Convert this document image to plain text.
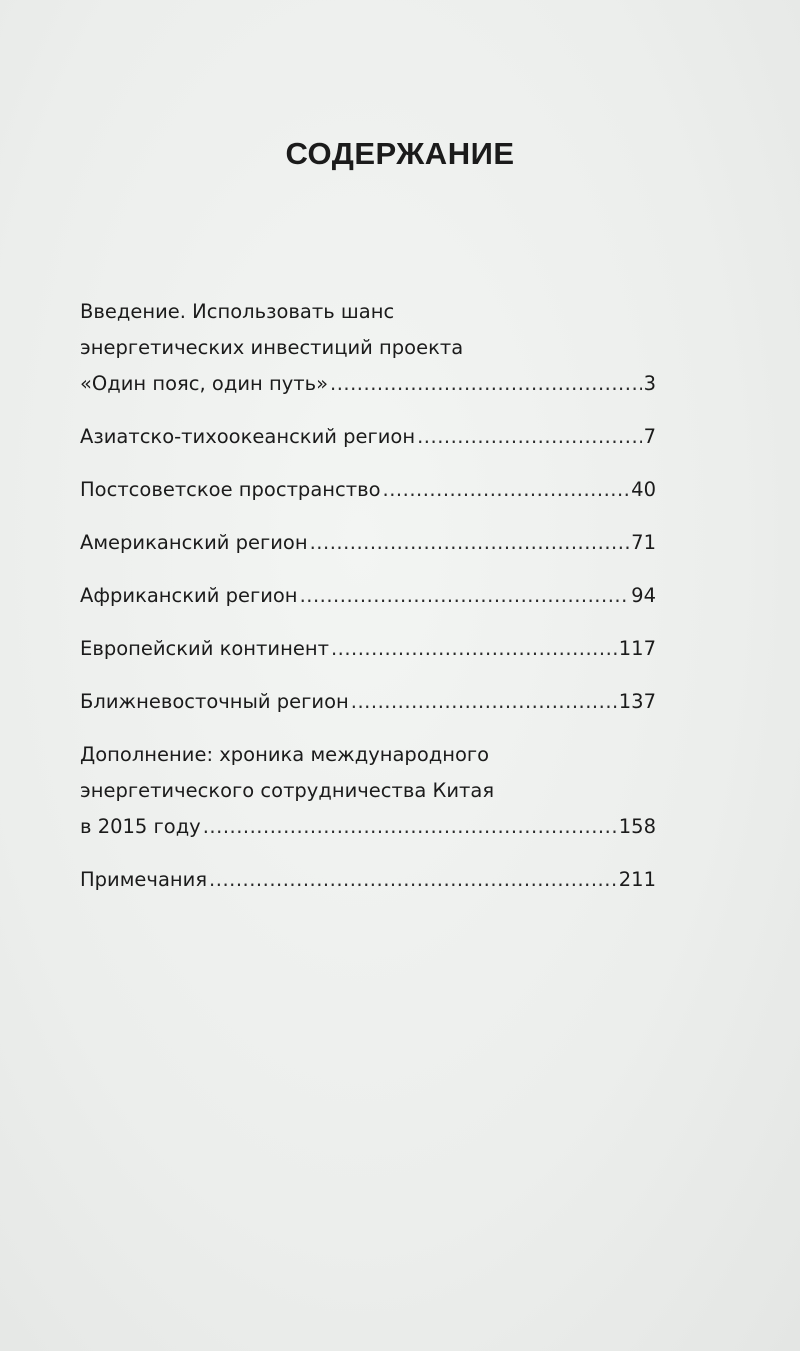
СОДЕРЖАНИЕ
Введение. Использовать шанс
энергетических инвестиций проекта
«Один пояс, один путь» .....	3
Азиатско-тихоокеанский регион .....	7
Постсоветское пространство .....	40
Американский регион .....	71
Африканский регион .....	94
Европейский континент .....	117
Ближневосточный регион .....	137
Дополнение: хроника международного
энергетического сотрудничества Китая
в 2015 году .....	158
Примечания .....	211
